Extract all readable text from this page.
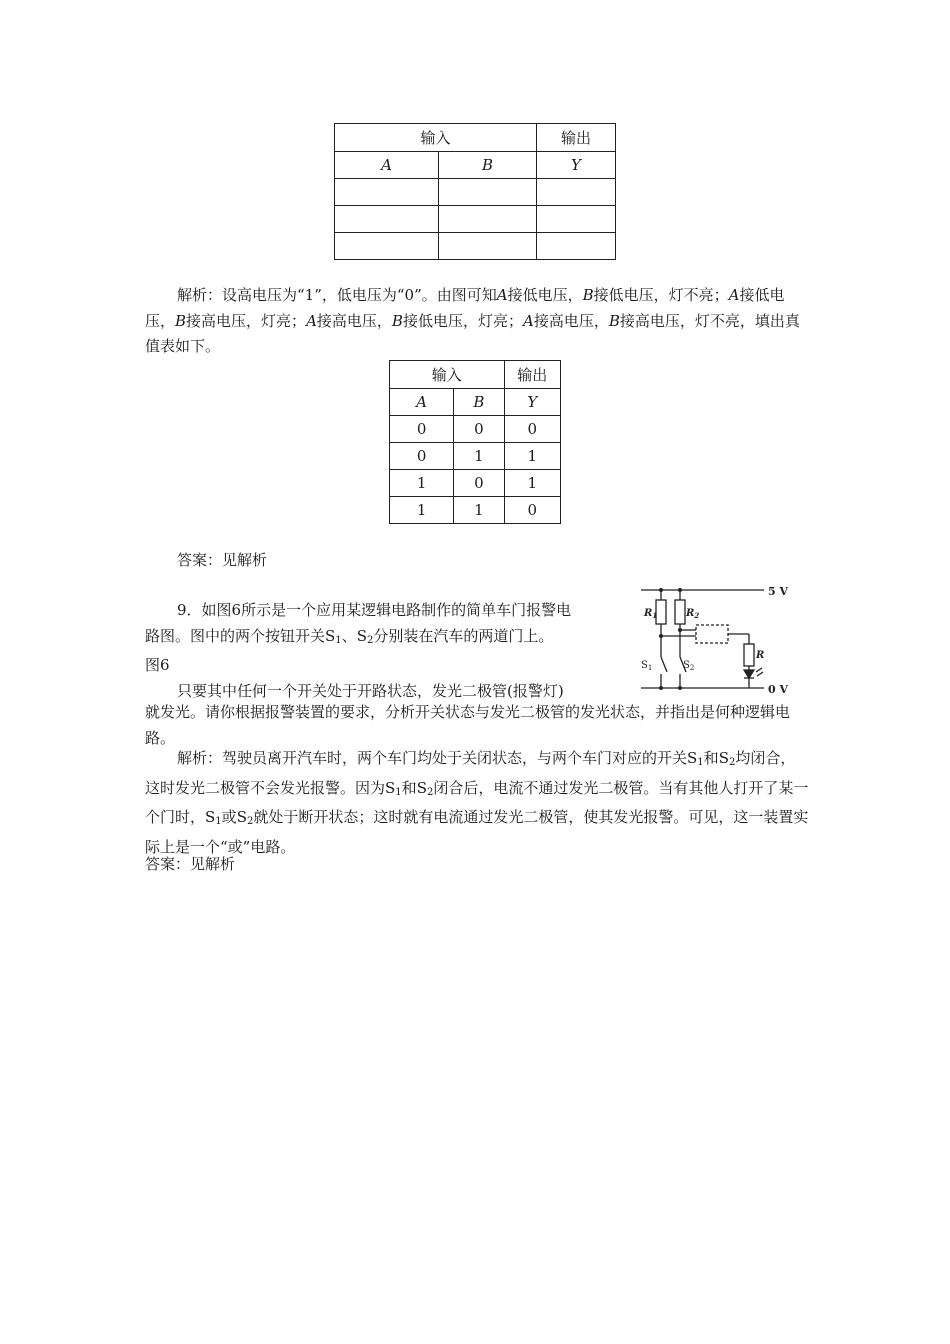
输入		输出
A	B	Y

解析：设高电压为“1”，低电压为“0”。由图可知A接低电压，B接低电压，灯不亮；A接低电压，B接高电压，灯亮；A接高电压，B接低电压，灯亮；A接高电压，B接高电压，灯不亮，填出真值表如下。

输入		输出
A	B	Y
0	0	0
0	1	1
1	0	1
1	1	0
答案：见解析
9．如图6所示是一个应用某逻辑电路制作的简单车门报警电
路图。图中的两个按钮开关$S_1$、$S_2$分别装在汽车的两道门上。
图6
只要其中任何一个开关处于开路状态，发光二极管(报警灯)
就发光。请你根据报警装置的要求，分析开关状态与发光二极管的发光状态，并指出是何种逻辑电路。

解析：驾驶员离开汽车时，两个车门均处于关闭状态，与两个车门对应的开关$S_1$和$S_2$均闭合，这时发光二极管不会发光报警。因为$S_1$和$S_2$闭合后，电流不通过发光二极管。当有其他人打开了某一个门时，$S_1$或$S_2$就处于断开状态；这时就有电流通过发光二极管，使其发光报警。可见，这一装置实际上是一个“或”电路。

答案：见解析
5 V
0 V
$R_1$	$R_2$
R
$S_1$	$S_2$
